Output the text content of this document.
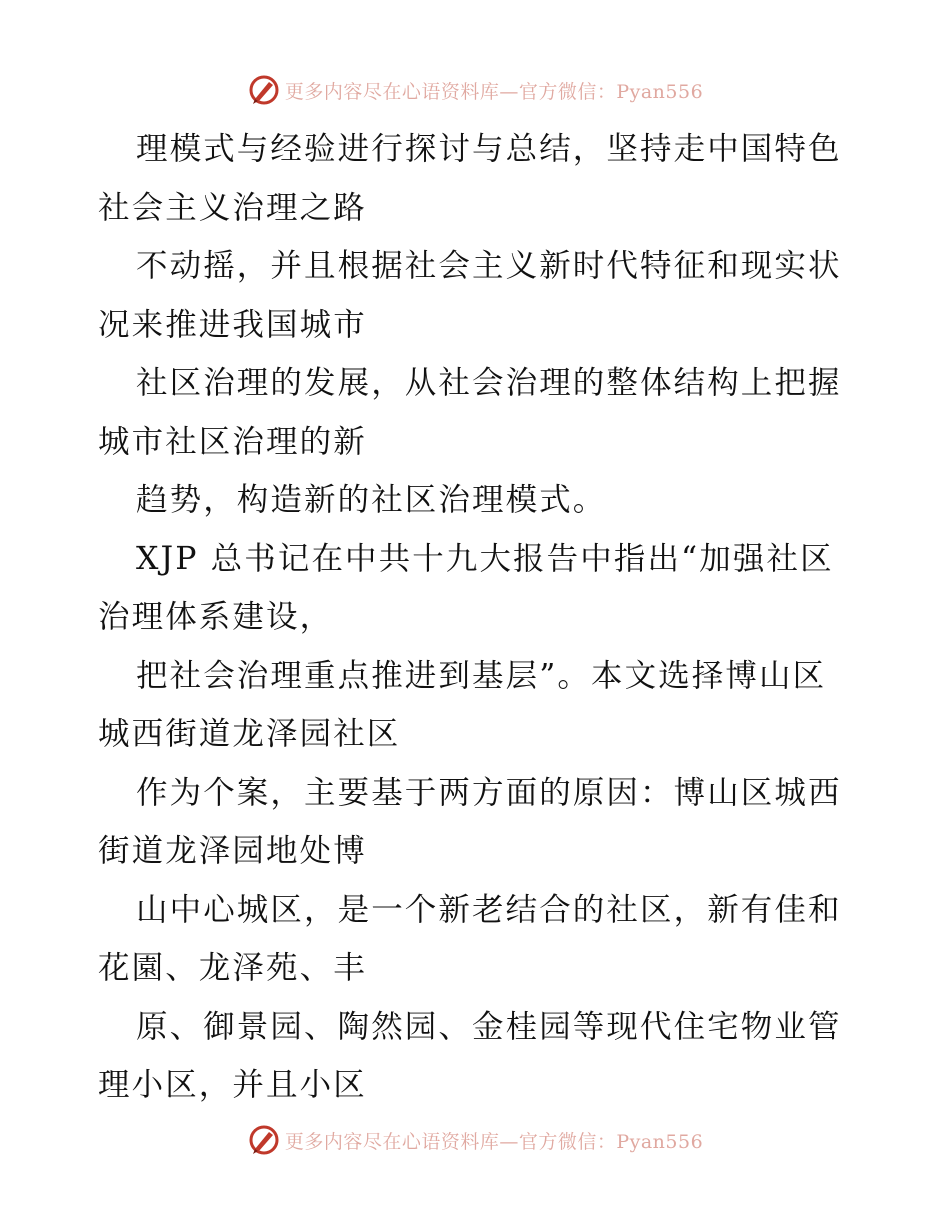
更多内容尽在心语资料库—官方微信：Pyan556
理模式与经验进行探讨与总结，坚持走中国特色
社会主义治理之路
不动摇，并且根据社会主义新时代特征和现实状
况来推进我国城市
社区治理的发展，从社会治理的整体结构上把握
城市社区治理的新
趋势，构造新的社区治理模式。
XJP 总书记在中共十九大报告中指出“加强社区
治理体系建设，
把社会治理重点推进到基层”。本文选择博山区
城西街道龙泽园社区
作为个案，主要基于两方面的原因：博山区城西
街道龙泽园地处博
山中心城区，是一个新老结合的社区，新有佳和
花園、龙泽苑、丰
原、御景园、陶然园、金桂园等现代住宅物业管
理小区，并且小区
更多内容尽在心语资料库—官方微信：Pyan556
